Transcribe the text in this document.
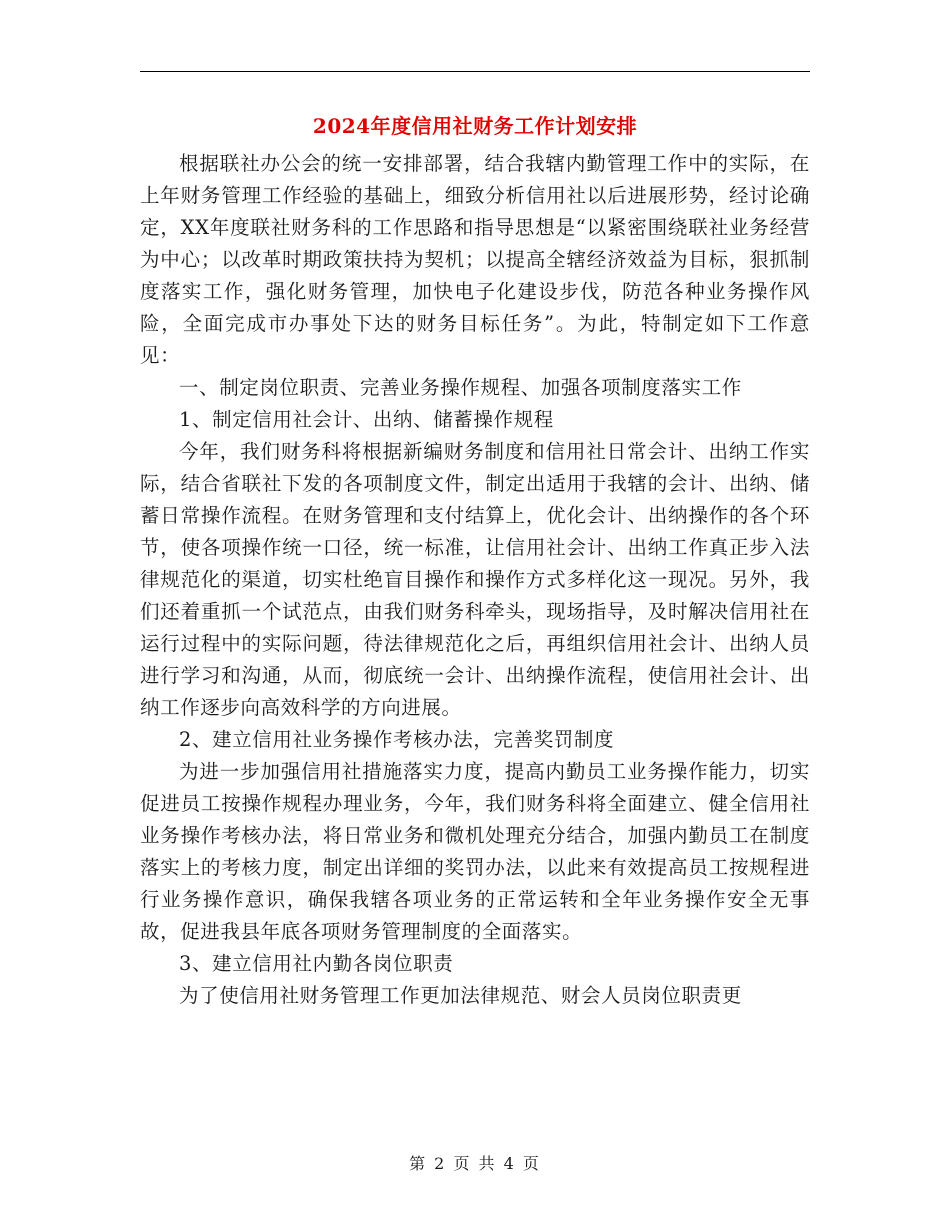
2024年度信用社财务工作计划安排

根据联社办公会的统一安排部署，结合我辖内勤管理工作中的实际，在上年财务管理工作经验的基础上，细致分析信用社以后进展形势，经讨论确定，XX年度联社财务科的工作思路和指导思想是“以紧密围绕联社业务经营为中心；以改革时期政策扶持为契机；以提高全辖经济效益为目标，狠抓制度落实工作，强化财务管理，加快电子化建设步伐，防范各种业务操作风险，全面完成市办事处下达的财务目标任务”。为此，特制定如下工作意见：

一、制定岗位职责、完善业务操作规程、加强各项制度落实工作

1、制定信用社会计、出纳、储蓄操作规程

今年，我们财务科将根据新编财务制度和信用社日常会计、出纳工作实际，结合省联社下发的各项制度文件，制定出适用于我辖的会计、出纳、储蓄日常操作流程。在财务管理和支付结算上，优化会计、出纳操作的各个环节，使各项操作统一口径，统一标准，让信用社会计、出纳工作真正步入法律规范化的渠道，切实杜绝盲目操作和操作方式多样化这一现况。另外，我们还着重抓一个试范点，由我们财务科牵头，现场指导，及时解决信用社在运行过程中的实际问题，待法律规范化之后，再组织信用社会计、出纳人员进行学习和沟通，从而，彻底统一会计、出纳操作流程，使信用社会计、出纳工作逐步向高效科学的方向进展。

2、建立信用社业务操作考核办法，完善奖罚制度

为进一步加强信用社措施落实力度，提高内勤员工业务操作能力，切实促进员工按操作规程办理业务，今年，我们财务科将全面建立、健全信用社业务操作考核办法，将日常业务和微机处理充分结合，加强内勤员工在制度落实上的考核力度，制定出详细的奖罚办法，以此来有效提高员工按规程进行业务操作意识，确保我辖各项业务的正常运转和全年业务操作安全无事故，促进我县年底各项财务管理制度的全面落实。

3、建立信用社内勤各岗位职责

为了使信用社财务管理工作更加法律规范、财会人员岗位职责更

第 2 页 共 4 页
